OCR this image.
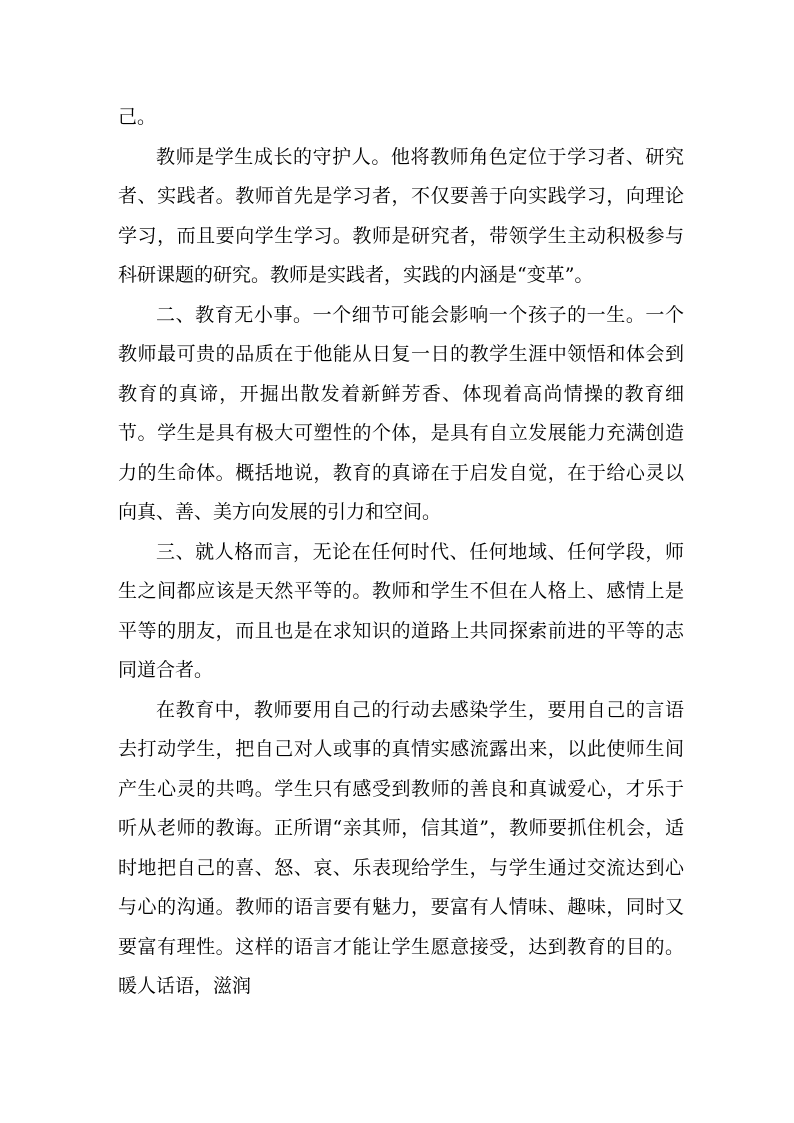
己。

教师是学生成长的守护人。他将教师角色定位于学习者、研究者、实践者。教师首先是学习者，不仅要善于向实践学习，向理论学习，而且要向学生学习。教师是研究者，带领学生主动积极参与科研课题的研究。教师是实践者，实践的内涵是“变革”。

二、教育无小事。一个细节可能会影响一个孩子的一生。一个教师最可贵的品质在于他能从日复一日的教学生涯中领悟和体会到教育的真谛，开掘出散发着新鲜芳香、体现着高尚情操的教育细节。学生是具有极大可塑性的个体，是具有自立发展能力充满创造力的生命体。概括地说，教育的真谛在于启发自觉，在于给心灵以向真、善、美方向发展的引力和空间。

三、就人格而言，无论在任何时代、任何地域、任何学段，师生之间都应该是天然平等的。教师和学生不但在人格上、感情上是平等的朋友，而且也是在求知识的道路上共同探索前进的平等的志同道合者。

在教育中，教师要用自己的行动去感染学生，要用自己的言语去打动学生，把自己对人或事的真情实感流露出来，以此使师生间产生心灵的共鸣。学生只有感受到教师的善良和真诚爱心，才乐于听从老师的教诲。正所谓“亲其师，信其道”，教师要抓住机会，适时地把自己的喜、怒、哀、乐表现给学生，与学生通过交流达到心与心的沟通。教师的语言要有魅力，要富有人情味、趣味，同时又要富有理性。这样的语言才能让学生愿意接受，达到教育的目的。暖人话语，滋润
